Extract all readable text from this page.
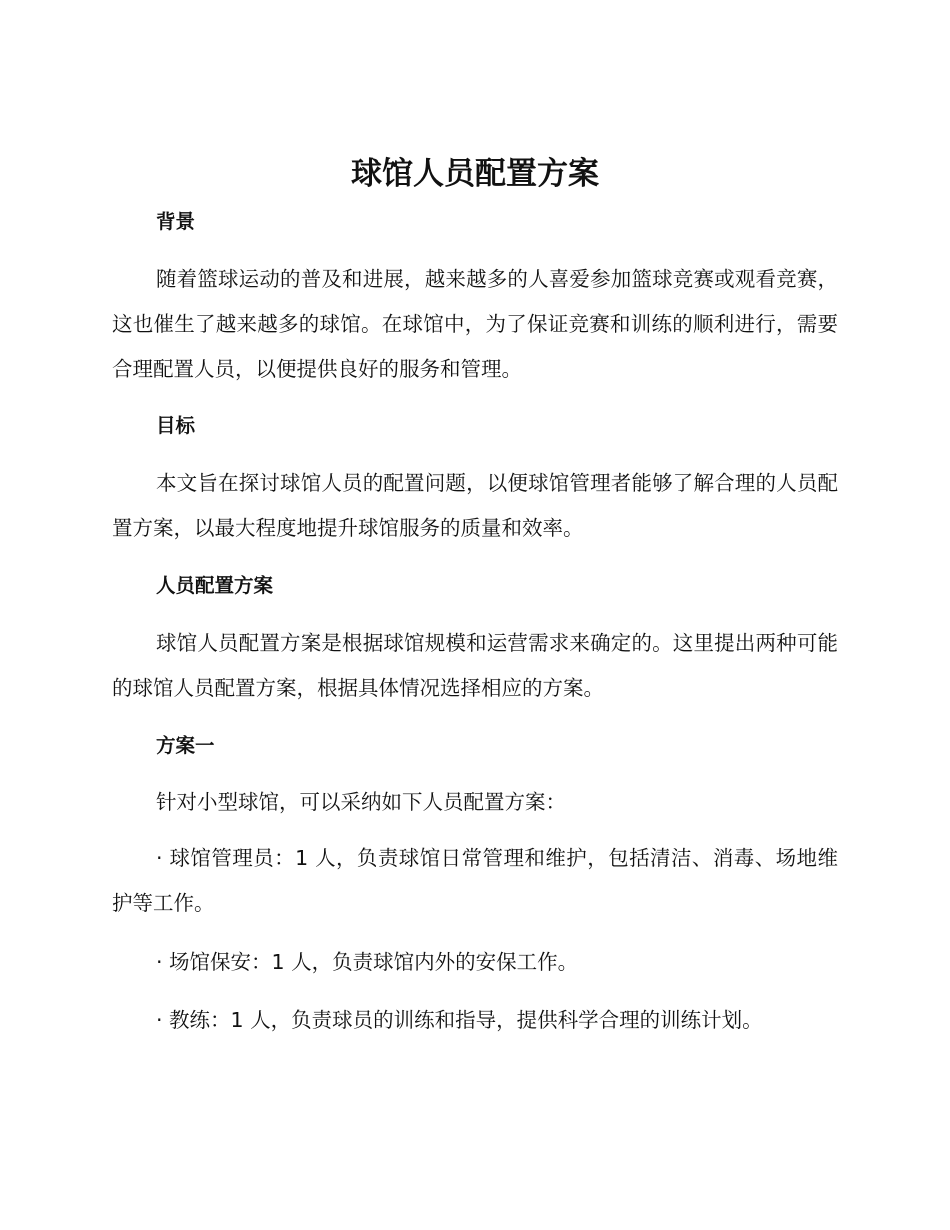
球馆人员配置方案
背景

随着篮球运动的普及和进展，越来越多的人喜爱参加篮球竞赛或观看竞赛，这也催生了越来越多的球馆。在球馆中，为了保证竞赛和训练的顺利进行，需要合理配置人员，以便提供良好的服务和管理。

目标

本文旨在探讨球馆人员的配置问题，以便球馆管理者能够了解合理的人员配置方案，以最大程度地提升球馆服务的质量和效率。

人员配置方案

球馆人员配置方案是根据球馆规模和运营需求来确定的。这里提出两种可能的球馆人员配置方案，根据具体情况选择相应的方案。

方案一

针对小型球馆，可以采纳如下人员配置方案：

· 球馆管理员：1 人，负责球馆日常管理和维护，包括清洁、消毒、场地维护等工作。

· 场馆保安：1 人，负责球馆内外的安保工作。

· 教练：1 人，负责球员的训练和指导，提供科学合理的训练计划。
